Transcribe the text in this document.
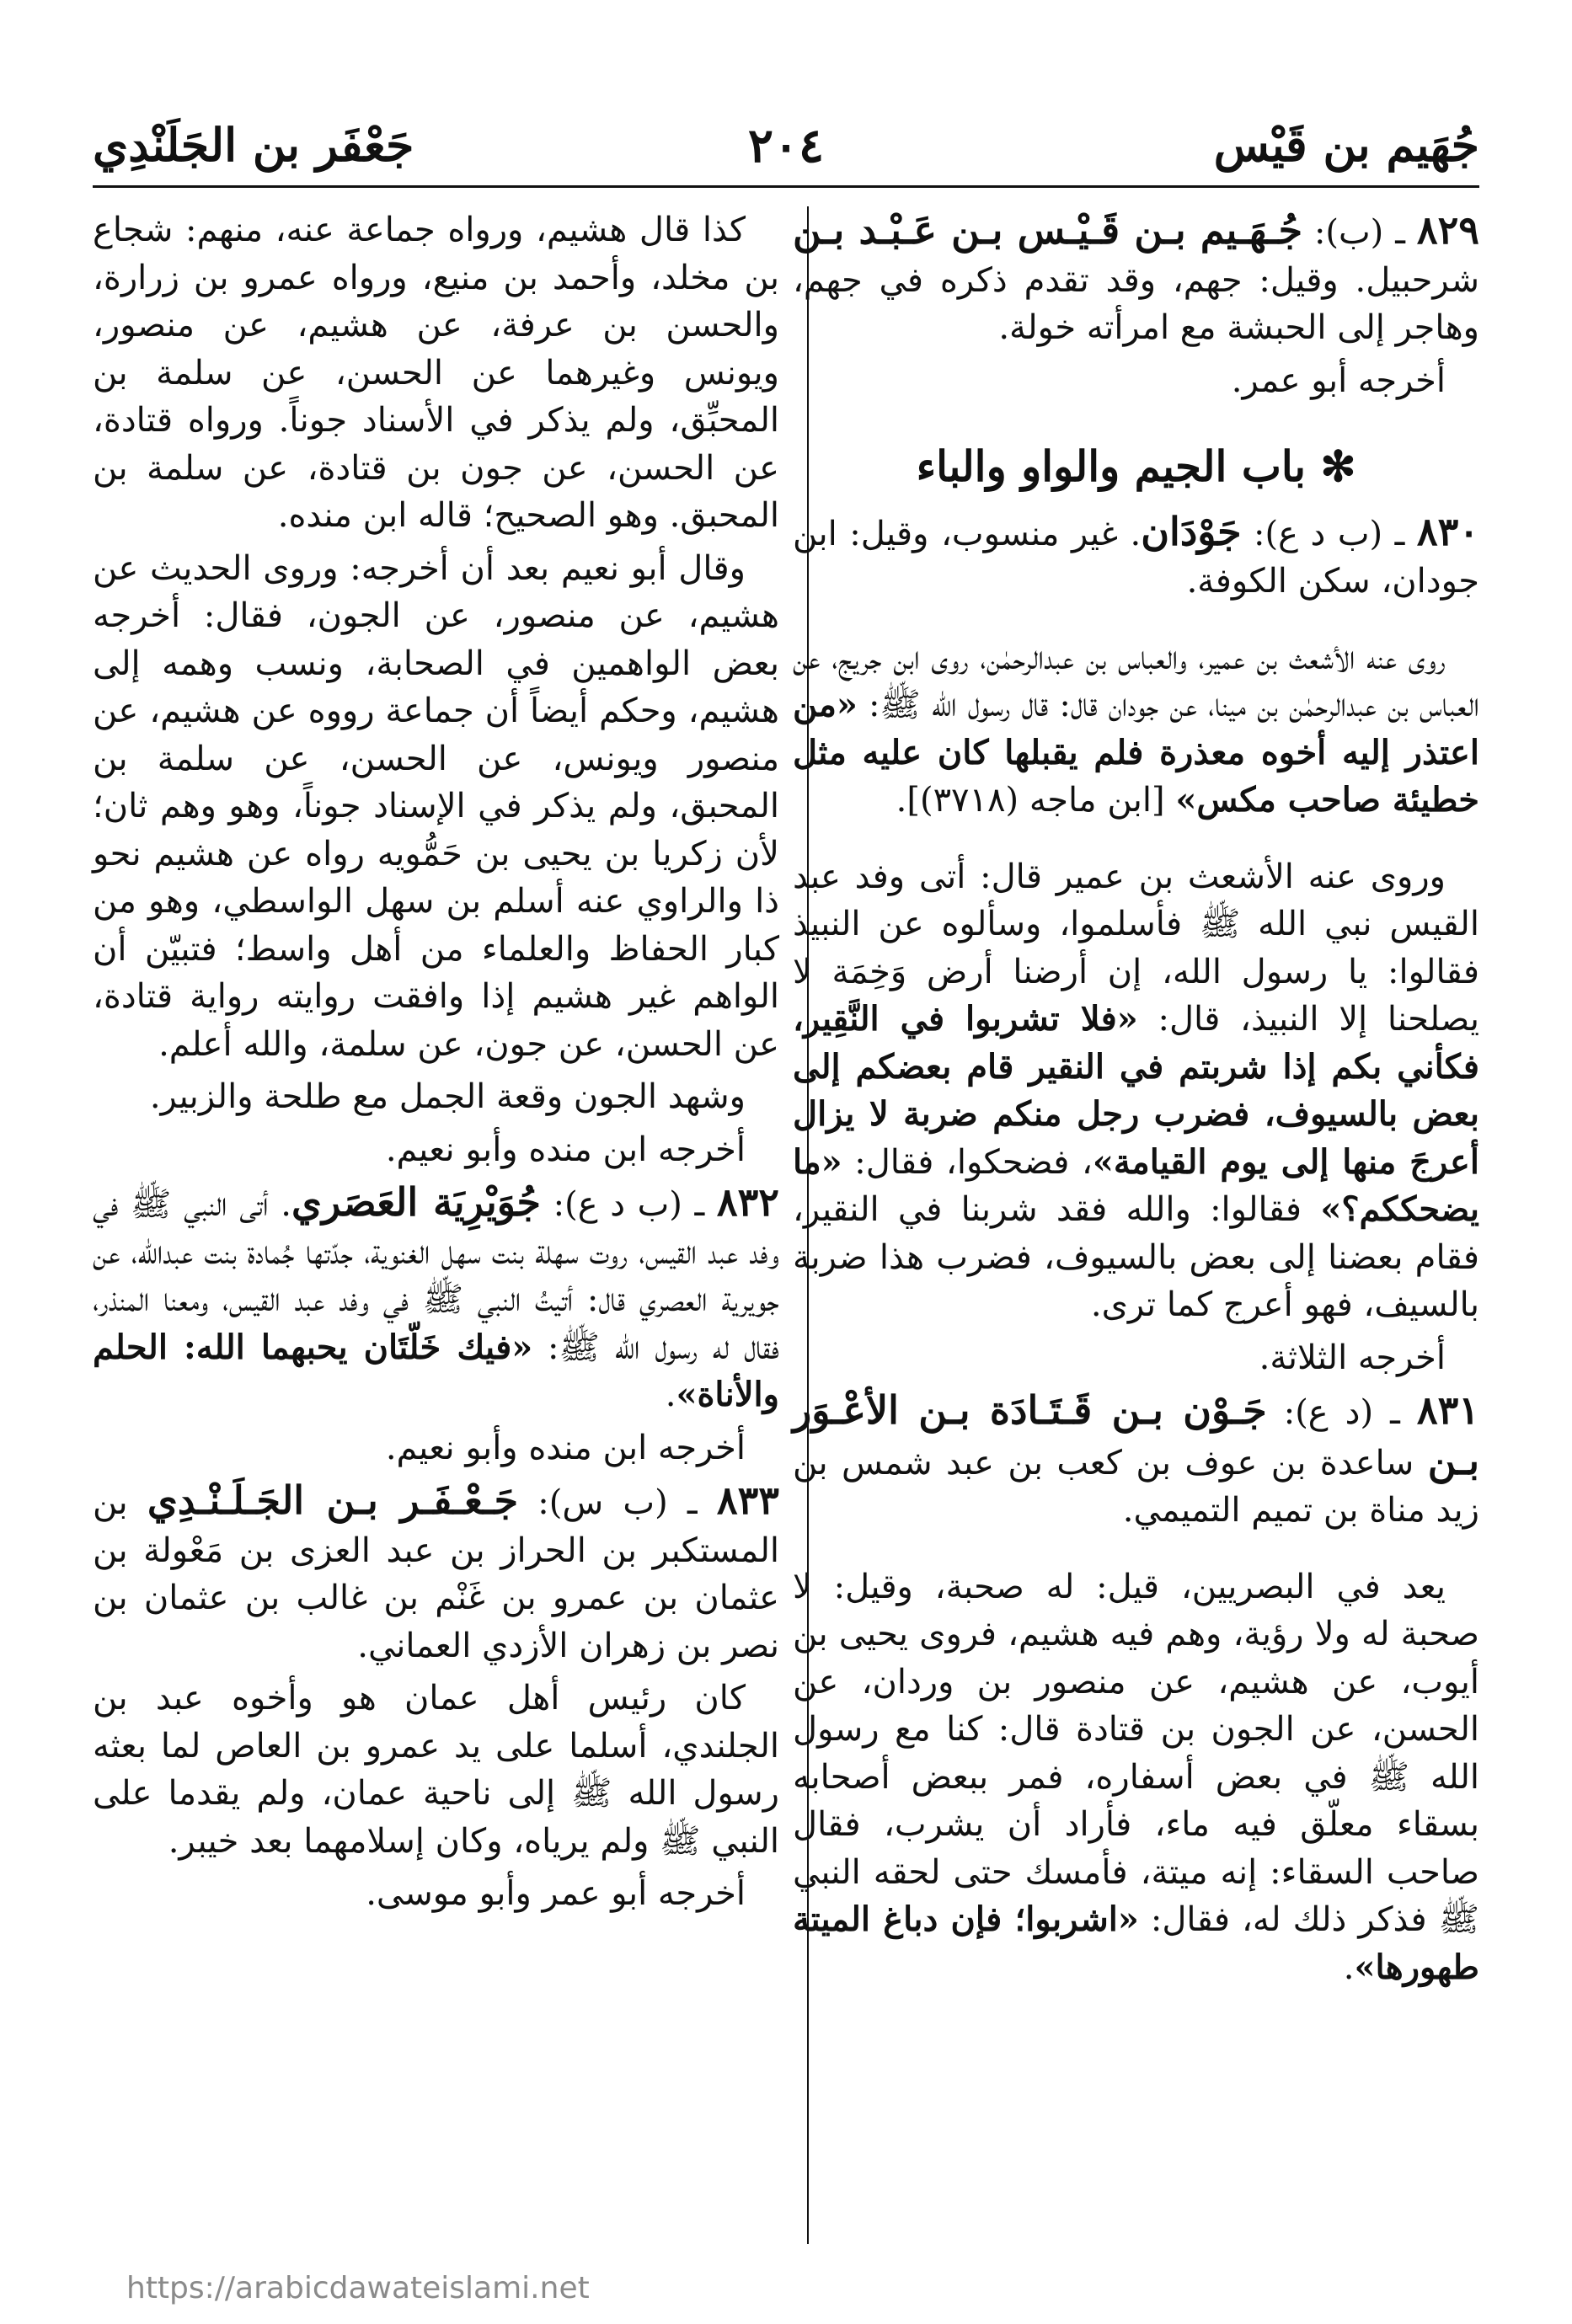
جُهَيم بن قَيْس
٢٠٤
جَعْفَر بن الجَلَنْدِي

٨٢٩ ـ (ب): جُـهَـيم بـن قَـيْـس بـن عَـبْـد بـن شرحبيل. وقيل: جهم، وقد تقدم ذكره في جهم، وهاجر إلى الحبشة مع امرأته خولة.

أخرجه أبو عمر.

✻ باب الجيم والواو والباء

٨٣٠ ـ (ب د ع): جَوْدَان. غير منسوب، وقيل: ابن جودان، سكن الكوفة.

روى عنه الأشعث بن عمير، والعباس بن عبدالرحمٰن، روى ابن جريج، عن العباس بن عبدالرحمٰن بن مينا، عن جودان قال: قال رسول الله ﷺ: «من اعتذر إليه أخوه معذرة فلم يقبلها كان عليه مثل خطيئة صاحب مكس» [ابن ماجه (٣٧١٨)].

وروى عنه الأشعث بن عمير قال: أتى وفد عبد القيس نبي الله ﷺ فأسلموا، وسألوه عن النبيذ فقالوا: يا رسول الله، إن أرضنا أرض وَخِمَة لا يصلحنا إلا النبيذ، قال: «فلا تشربوا في النَّقِير، فكأني بكم إذا شربتم في النقير قام بعضكم إلى بعض بالسيوف، فضرب رجل منكم ضربة لا يزال أعرجَ منها إلى يوم القيامة»، فضحكوا، فقال: «ما يضحككم؟» فقالوا: والله فقد شربنا في النقير، فقام بعضنا إلى بعض بالسيوف، فضرب هذا ضربة بالسيف، فهو أعرج كما ترى.

أخرجه الثلاثة.

٨٣١ ـ (د ع): جَـوْن بـن قَـتَـادَة بـن الأعْـوَر بـن ساعدة بن عوف بن كعب بن عبد شمس بن زيد مناة بن تميم التميمي.

يعد في البصريين، قيل: له صحبة، وقيل: لا صحبة له ولا رؤية، وهم فيه هشيم، فروى يحيى بن أيوب، عن هشيم، عن منصور بن وردان، عن الحسن، عن الجون بن قتادة قال: كنا مع رسول الله ﷺ في بعض أسفاره، فمر ببعض أصحابه بسقاء معلّق فيه ماء، فأراد أن يشرب، فقال صاحب السقاء: إنه ميتة، فأمسك حتى لحقه النبي ﷺ فذكر ذلك له، فقال: «اشربوا؛ فإن دباغ الميتة طهورها».

كذا قال هشيم، ورواه جماعة عنه، منهم: شجاع بن مخلد، وأحمد بن منيع، ورواه عمرو بن زرارة، والحسن بن عرفة، عن هشيم، عن منصور، ويونس وغيرهما عن الحسن، عن سلمة بن المحبِّق، ولم يذكر في الأسناد جوناً. ورواه قتادة، عن الحسن، عن جون بن قتادة، عن سلمة بن المحبق. وهو الصحيح؛ قاله ابن منده.

وقال أبو نعيم بعد أن أخرجه: وروى الحديث عن هشيم، عن منصور، عن الجون، فقال: أخرجه بعض الواهمين في الصحابة، ونسب وهمه إلى هشيم، وحكم أيضاً أن جماعة رووه عن هشيم، عن منصور ويونس، عن الحسن، عن سلمة بن المحبق، ولم يذكر في الإسناد جوناً، وهو وهم ثان؛ لأن زكريا بن يحيى بن حَمُّويه رواه عن هشيم نحو ذا والراوي عنه أسلم بن سهل الواسطي، وهو من كبار الحفاظ والعلماء من أهل واسط؛ فتبيّن أن الواهم غير هشيم إذا وافقت روايته رواية قتادة، عن الحسن، عن جون، عن سلمة، والله أعلم.

وشهد الجون وقعة الجمل مع طلحة والزبير.

أخرجه ابن منده وأبو نعيم.

٨٣٢ ـ (ب د ع): جُوَيْرِيَة العَصَري. أتى النبي ﷺ في وفد عبد القيس، روت سهلة بنت سهل الغنوية، جدّتها جُمادة بنت عبدالله، عن جويرية العصري قال: أتيتُ النبي ﷺ في وفد عبد القيس، ومعنا المنذر، فقال له رسول الله ﷺ: «فيك خَلّتَان يحبهما الله: الحلم والأناة».

أخرجه ابن منده وأبو نعيم.

٨٣٣ ـ (ب س): جَـعْـفَـر بـن الجَـلَـنْـدِي بن المستكبر بن الحراز بن عبد العزى بن مَعْولة بن عثمان بن عمرو بن غَنْم بن غالب بن عثمان بن نصر بن زهران الأزدي العماني.

كان رئيس أهل عمان هو وأخوه عبد بن الجلندي، أسلما على يد عمرو بن العاص لما بعثه رسول الله ﷺ إلى ناحية عمان، ولم يقدما على النبي ﷺ ولم يرياه، وكان إسلامهما بعد خيبر.

أخرجه أبو عمر وأبو موسى.

https://arabicdawateislami.net
